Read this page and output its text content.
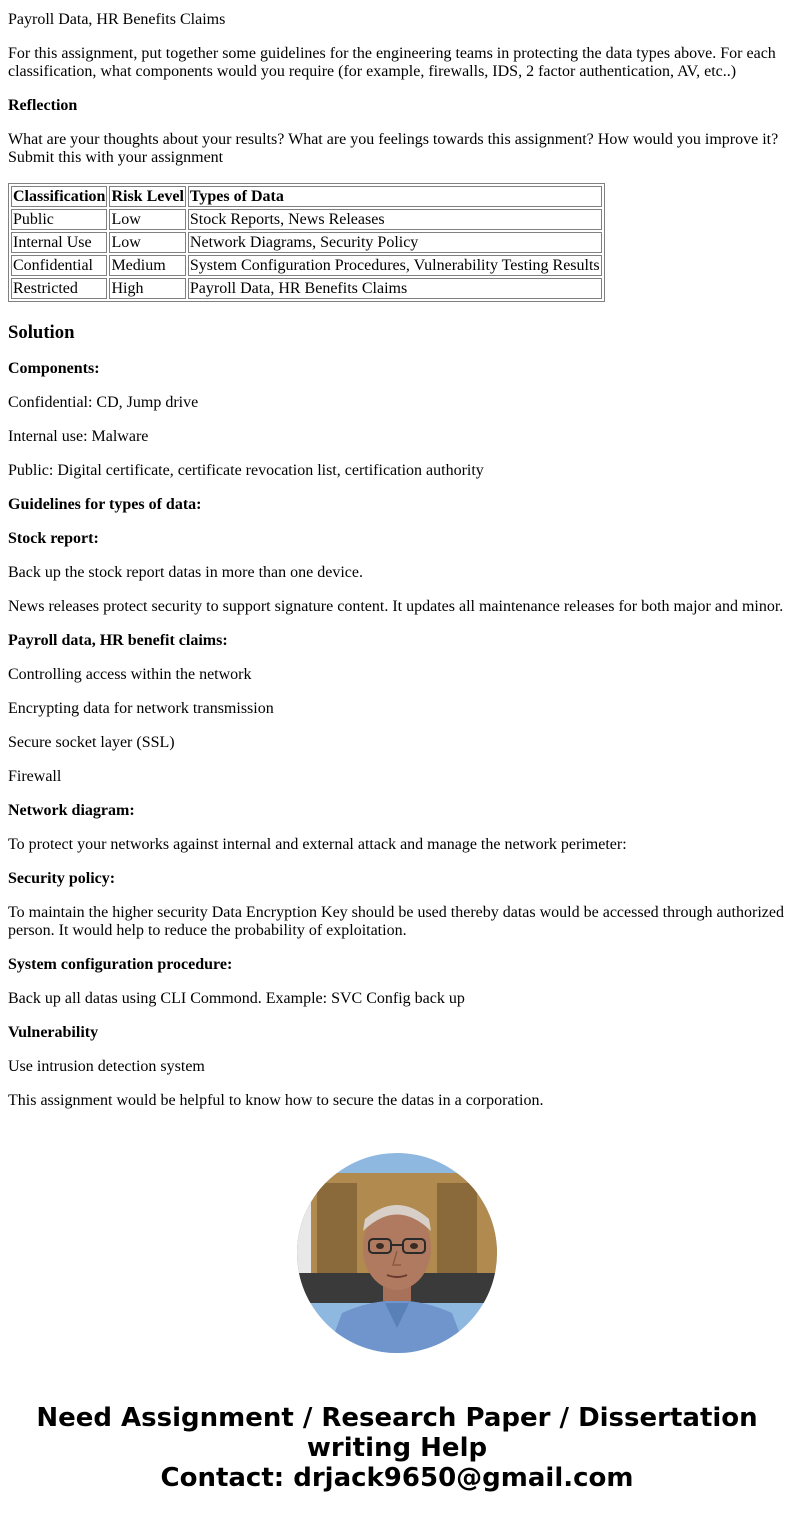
Payroll Data, HR Benefits Claims

For this assignment, put together some guidelines for the engineering teams in protecting the data types above. For each classification, what components would you require (for example, firewalls, IDS, 2 factor authentication, AV, etc..)

Reflection

What are your thoughts about your results? What are you feelings towards this assignment? How would you improve it? Submit this with your assignment

Classification	Risk Level	Types of Data
Public	Low	Stock Reports, News Releases
Internal Use	Low	Network Diagrams, Security Policy
Confidential	Medium	System Configuration Procedures, Vulnerability Testing Results
Restricted	High	Payroll Data, HR Benefits Claims
Solution

Components:

Confidential: CD, Jump drive

Internal use: Malware

Public: Digital certificate, certificate revocation list, certification authority

Guidelines for types of data:

Stock report:

Back up the stock report datas in more than one device.

News releases protect security to support signature content. It updates all maintenance releases for both major and minor.

Payroll data, HR benefit claims:

Controlling access within the network

Encrypting data for network transmission

Secure socket layer (SSL)

Firewall

Network diagram:

To protect your networks against internal and external attack and manage the network perimeter:

Security policy:

To maintain the higher security Data Encryption Key should be used thereby datas would be accessed through authorized person. It would help to reduce the probability of exploitation.

System configuration procedure:

Back up all datas using CLI Commond. Example: SVC Config back up

Vulnerability

Use intrusion detection system

This assignment would be helpful to know how to secure the datas in a corporation.

Need Assignment / Research Paper / Dissertation
writing Help
Contact: drjack9650@gmail.com
